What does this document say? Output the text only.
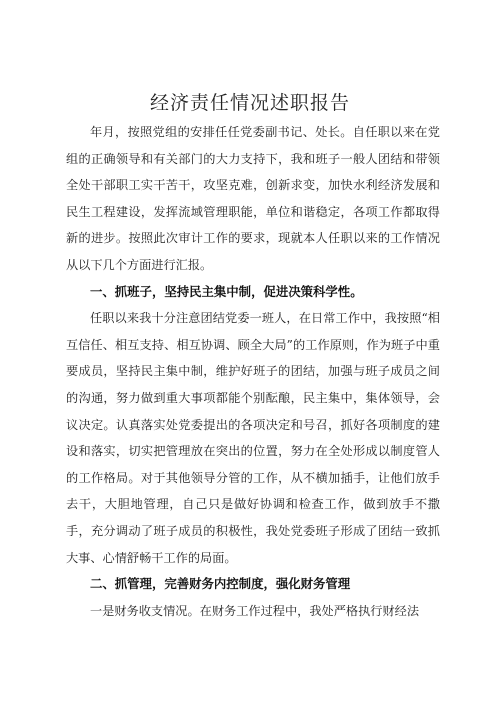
经济责任情况述职报告

年月，按照党组的安排任任党委副书记、处长。自任职以来在党组的正确领导和有关部门的大力支持下，我和班子一般人团结和带领全处干部职工实干苦干，攻坚克难，创新求变，加快水利经济发展和民生工程建设，发挥流域管理职能，单位和谐稳定，各项工作都取得新的进步。按照此次审计工作的要求，现就本人任职以来的工作情况从以下几个方面进行汇报。

一、抓班子，坚持民主集中制，促进决策科学性。

任职以来我十分注意团结党委一班人，在日常工作中，我按照“相互信任、相互支持、相互协调、顾全大局”的工作原则，作为班子中重要成员，坚持民主集中制，维护好班子的团结，加强与班子成员之间的沟通，努力做到重大事项都能个别酝酿，民主集中，集体领导，会议决定。认真落实处党委提出的各项决定和号召，抓好各项制度的建设和落实，切实把管理放在突出的位置，努力在全处形成以制度管人的工作格局。对于其他领导分管的工作，从不横加插手，让他们放手去干，大胆地管理，自己只是做好协调和检查工作，做到放手不撒手，充分调动了班子成员的积极性，我处党委班子形成了团结一致抓大事、心情舒畅干工作的局面。

二、抓管理，完善财务内控制度，强化财务管理

一是财务收支情况。在财务工作过程中，我处严格执行财经法
